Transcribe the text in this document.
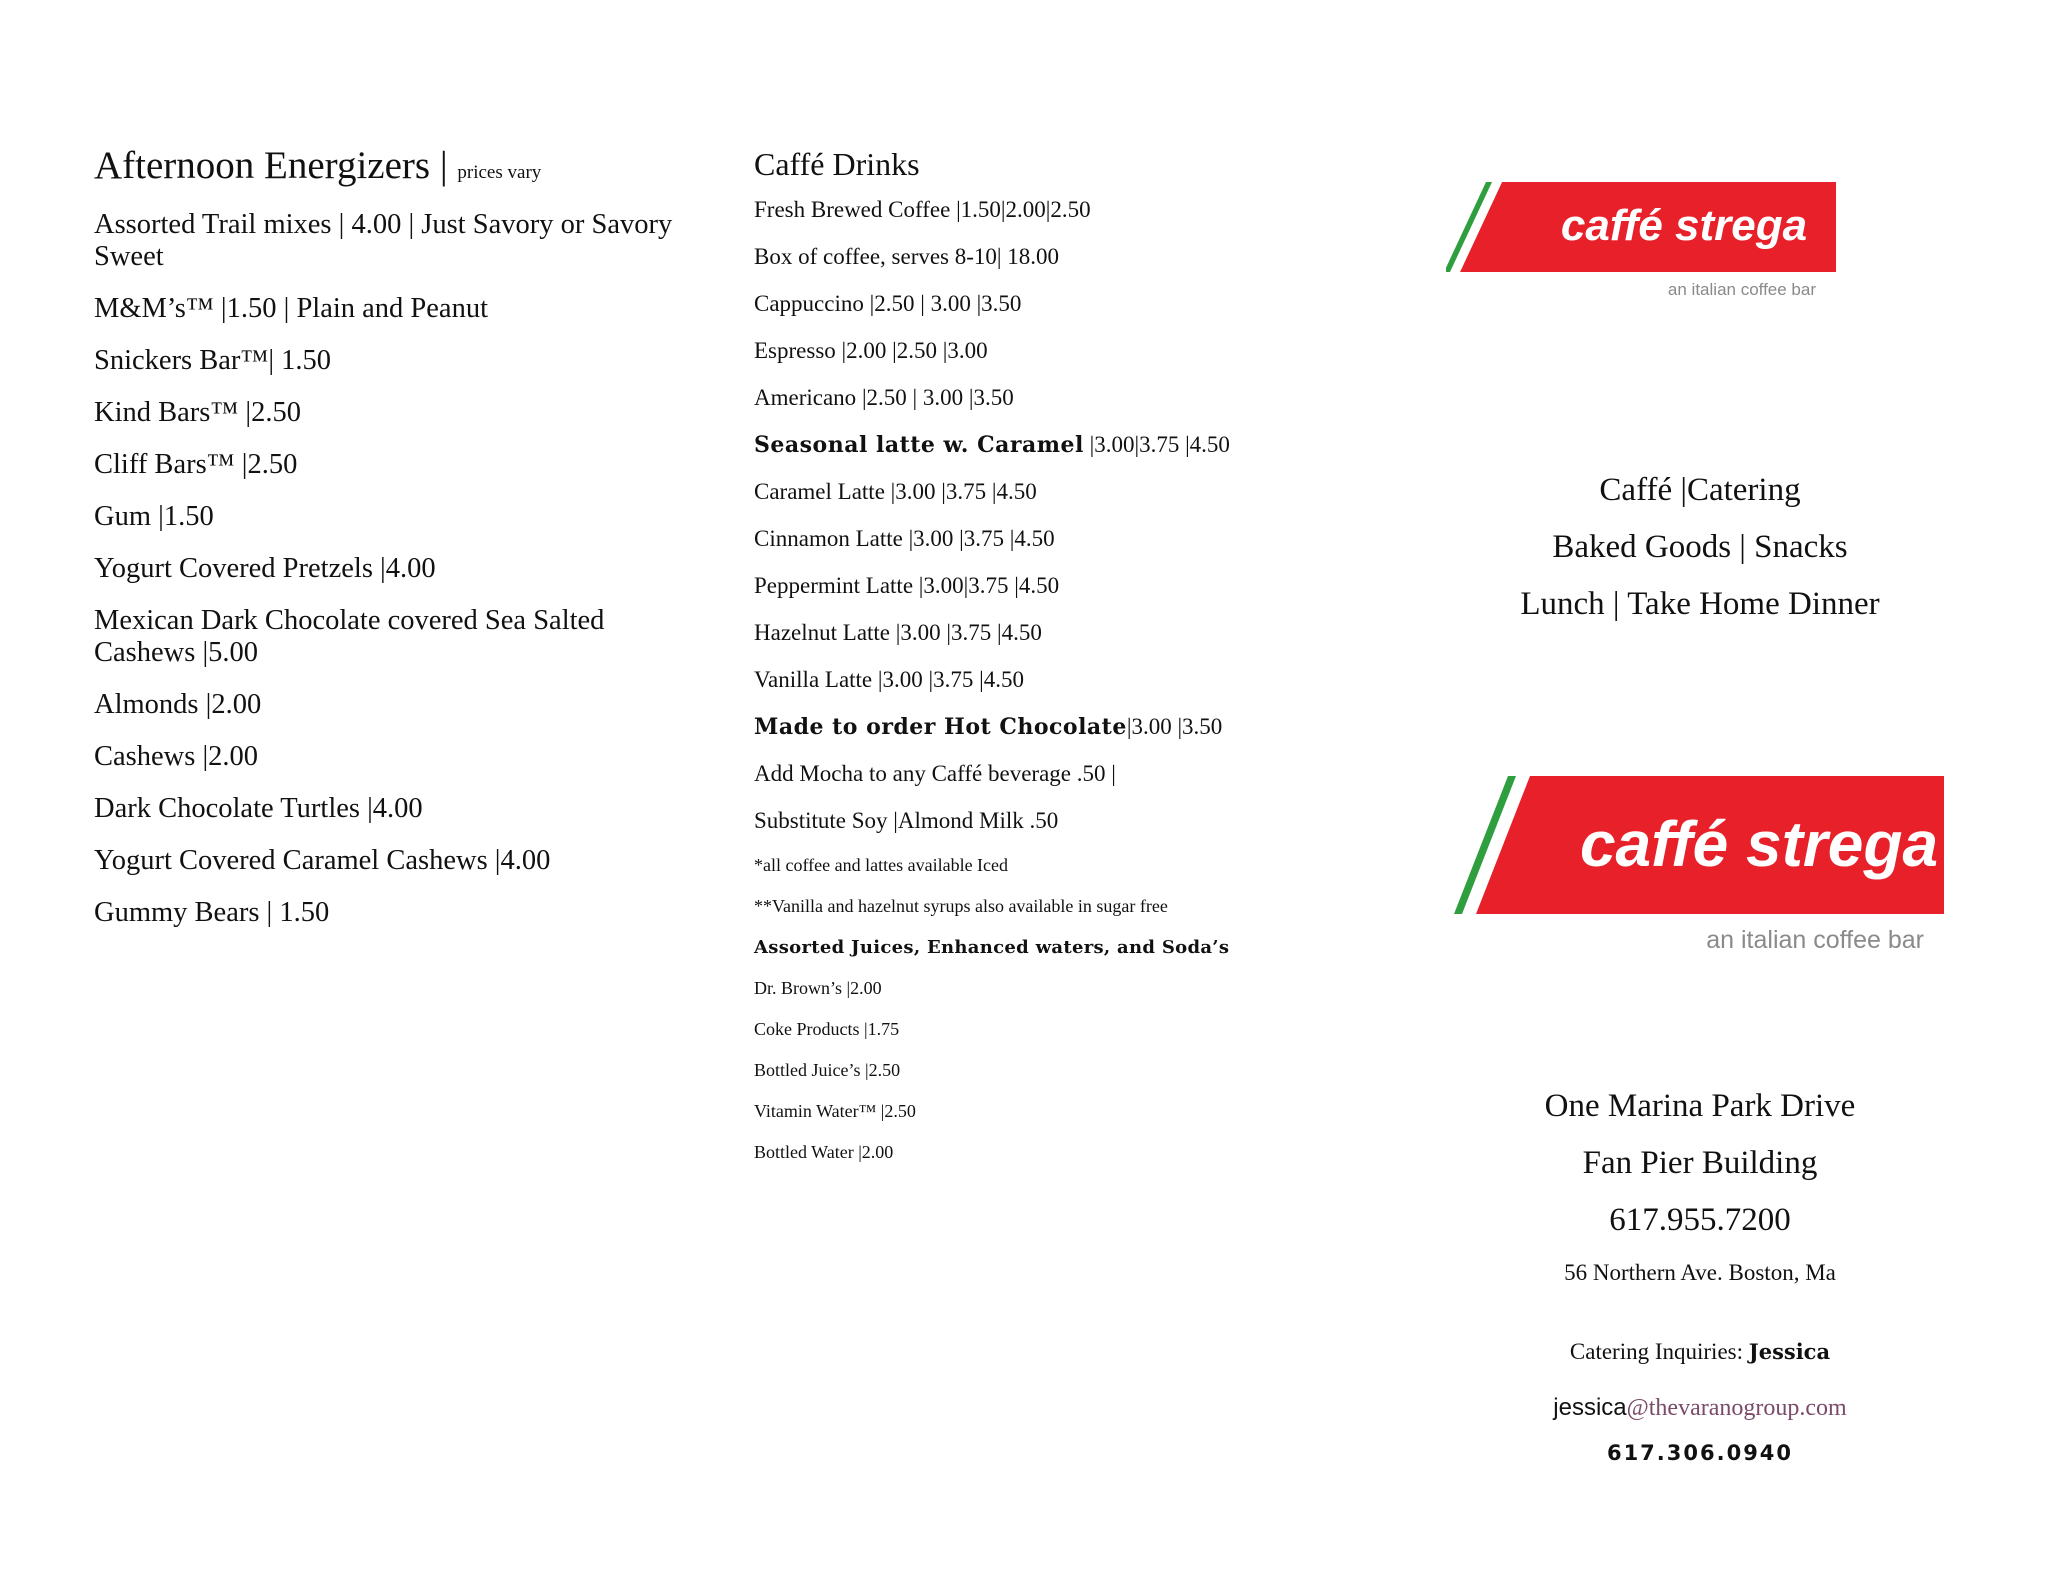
Afternoon Energizers | prices vary
Assorted Trail mixes | 4.00 | Just Savory or Savory Sweet
M&M’s™ |1.50 | Plain and Peanut
Snickers Bar™| 1.50
Kind Bars™ |2.50
Cliff Bars™ |2.50
Gum |1.50
Yogurt Covered Pretzels |4.00
Mexican Dark Chocolate covered Sea Salted Cashews |5.00
Almonds |2.00
Cashews |2.00
Dark Chocolate Turtles |4.00
Yogurt Covered Caramel Cashews |4.00
Gummy Bears | 1.50
Caffé Drinks
Fresh Brewed Coffee |1.50|2.00|2.50
Box of coffee, serves 8-10| 18.00
Cappuccino |2.50 | 3.00 |3.50
Espresso |2.00 |2.50 |3.00
Americano |2.50 | 3.00 |3.50
Seasonal latte w. Caramel |3.00|3.75 |4.50
Caramel Latte |3.00 |3.75 |4.50
Cinnamon Latte |3.00 |3.75 |4.50
Peppermint Latte |3.00|3.75 |4.50
Hazelnut Latte |3.00 |3.75 |4.50
Vanilla Latte |3.00 |3.75 |4.50
Made to order Hot Chocolate|3.00 |3.50
Add Mocha to any Caffé beverage .50 |
Substitute Soy |Almond Milk .50
*all coffee and lattes available Iced
**Vanilla and hazelnut syrups also available in sugar free
Assorted Juices, Enhanced waters, and Soda’s
Dr. Brown’s |2.00
Coke Products |1.75
Bottled Juice’s |2.50
Vitamin Water™ |2.50
Bottled Water |2.00
caffé strega
an italian coffee bar
Caffé |Catering
Baked Goods | Snacks
Lunch | Take Home Dinner
caffé strega
an italian coffee bar
One Marina Park Drive
Fan Pier Building
617.955.7200
56 Northern Ave. Boston, Ma
Catering Inquiries: Jessica
jessica@thevaranogroup.com
617.306.0940
